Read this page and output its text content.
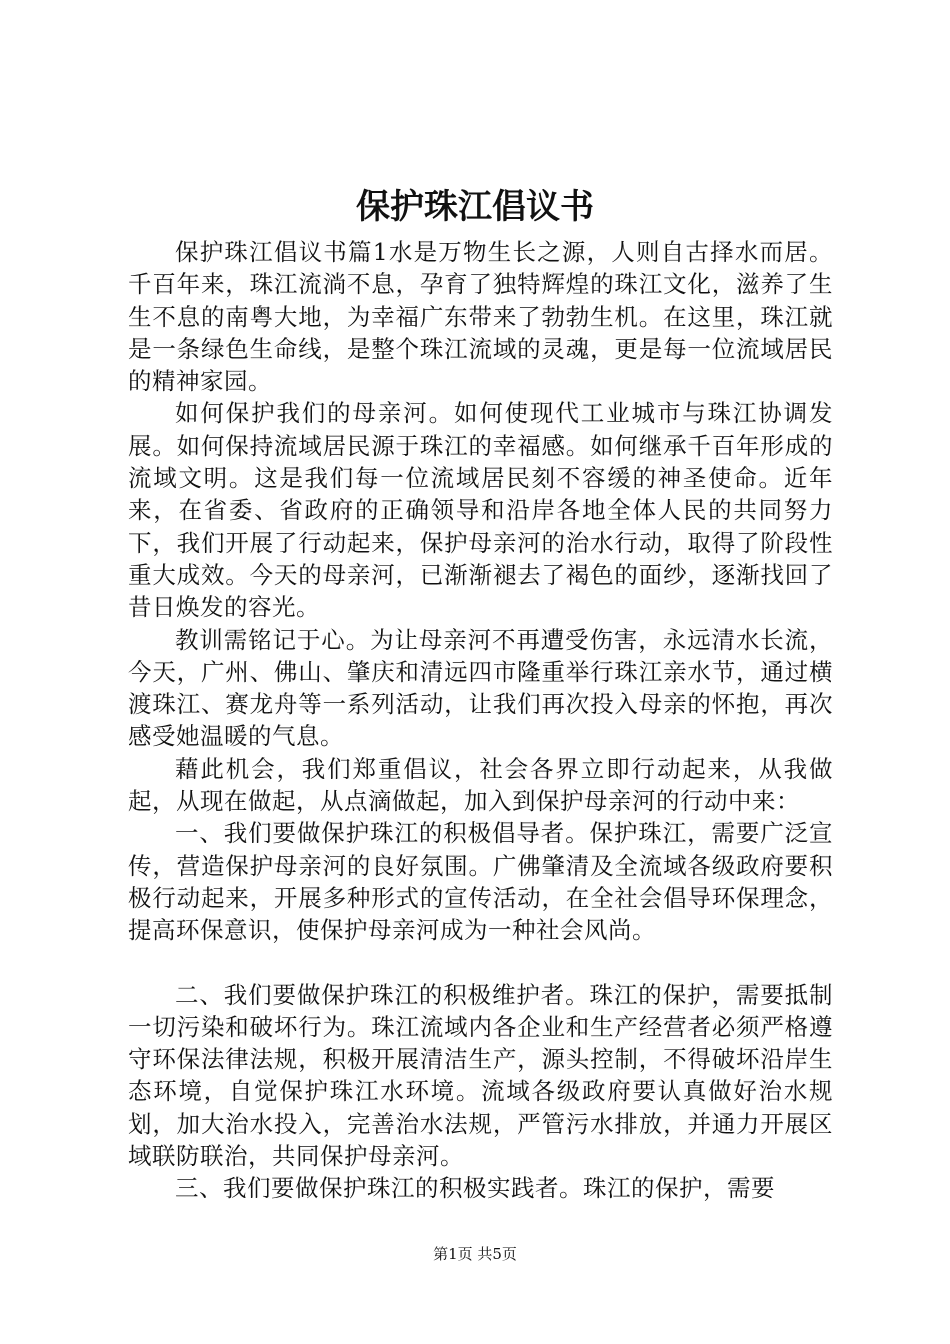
保护珠江倡议书

保护珠江倡议书篇1水是万物生长之源，人则自古择水而居。千百年来，珠江流淌不息，孕育了独特辉煌的珠江文化，滋养了生生不息的南粤大地，为幸福广东带来了勃勃生机。在这里，珠江就是一条绿色生命线，是整个珠江流域的灵魂，更是每一位流域居民的精神家园。

如何保护我们的母亲河。如何使现代工业城市与珠江协调发展。如何保持流域居民源于珠江的幸福感。如何继承千百年形成的流域文明。这是我们每一位流域居民刻不容缓的神圣使命。近年来，在省委、省政府的正确领导和沿岸各地全体人民的共同努力下，我们开展了行动起来，保护母亲河的治水行动，取得了阶段性重大成效。今天的母亲河，已渐渐褪去了褐色的面纱，逐渐找回了昔日焕发的容光。

教训需铭记于心。为让母亲河不再遭受伤害，永远清水长流，今天，广州、佛山、肇庆和清远四市隆重举行珠江亲水节，通过横渡珠江、赛龙舟等一系列活动，让我们再次投入母亲的怀抱，再次感受她温暖的气息。

藉此机会，我们郑重倡议，社会各界立即行动起来，从我做起，从现在做起，从点滴做起，加入到保护母亲河的行动中来：

一、我们要做保护珠江的积极倡导者。保护珠江，需要广泛宣传，营造保护母亲河的良好氛围。广佛肇清及全流域各级政府要积极行动起来，开展多种形式的宣传活动，在全社会倡导环保理念，提高环保意识，使保护母亲河成为一种社会风尚。

二、我们要做保护珠江的积极维护者。珠江的保护，需要抵制一切污染和破坏行为。珠江流域内各企业和生产经营者必须严格遵守环保法律法规，积极开展清洁生产，源头控制，不得破坏沿岸生态环境，自觉保护珠江水环境。流域各级政府要认真做好治水规划，加大治水投入，完善治水法规，严管污水排放，并通力开展区域联防联治，共同保护母亲河。

三、我们要做保护珠江的积极实践者。珠江的保护，需要

第1页 共5页
